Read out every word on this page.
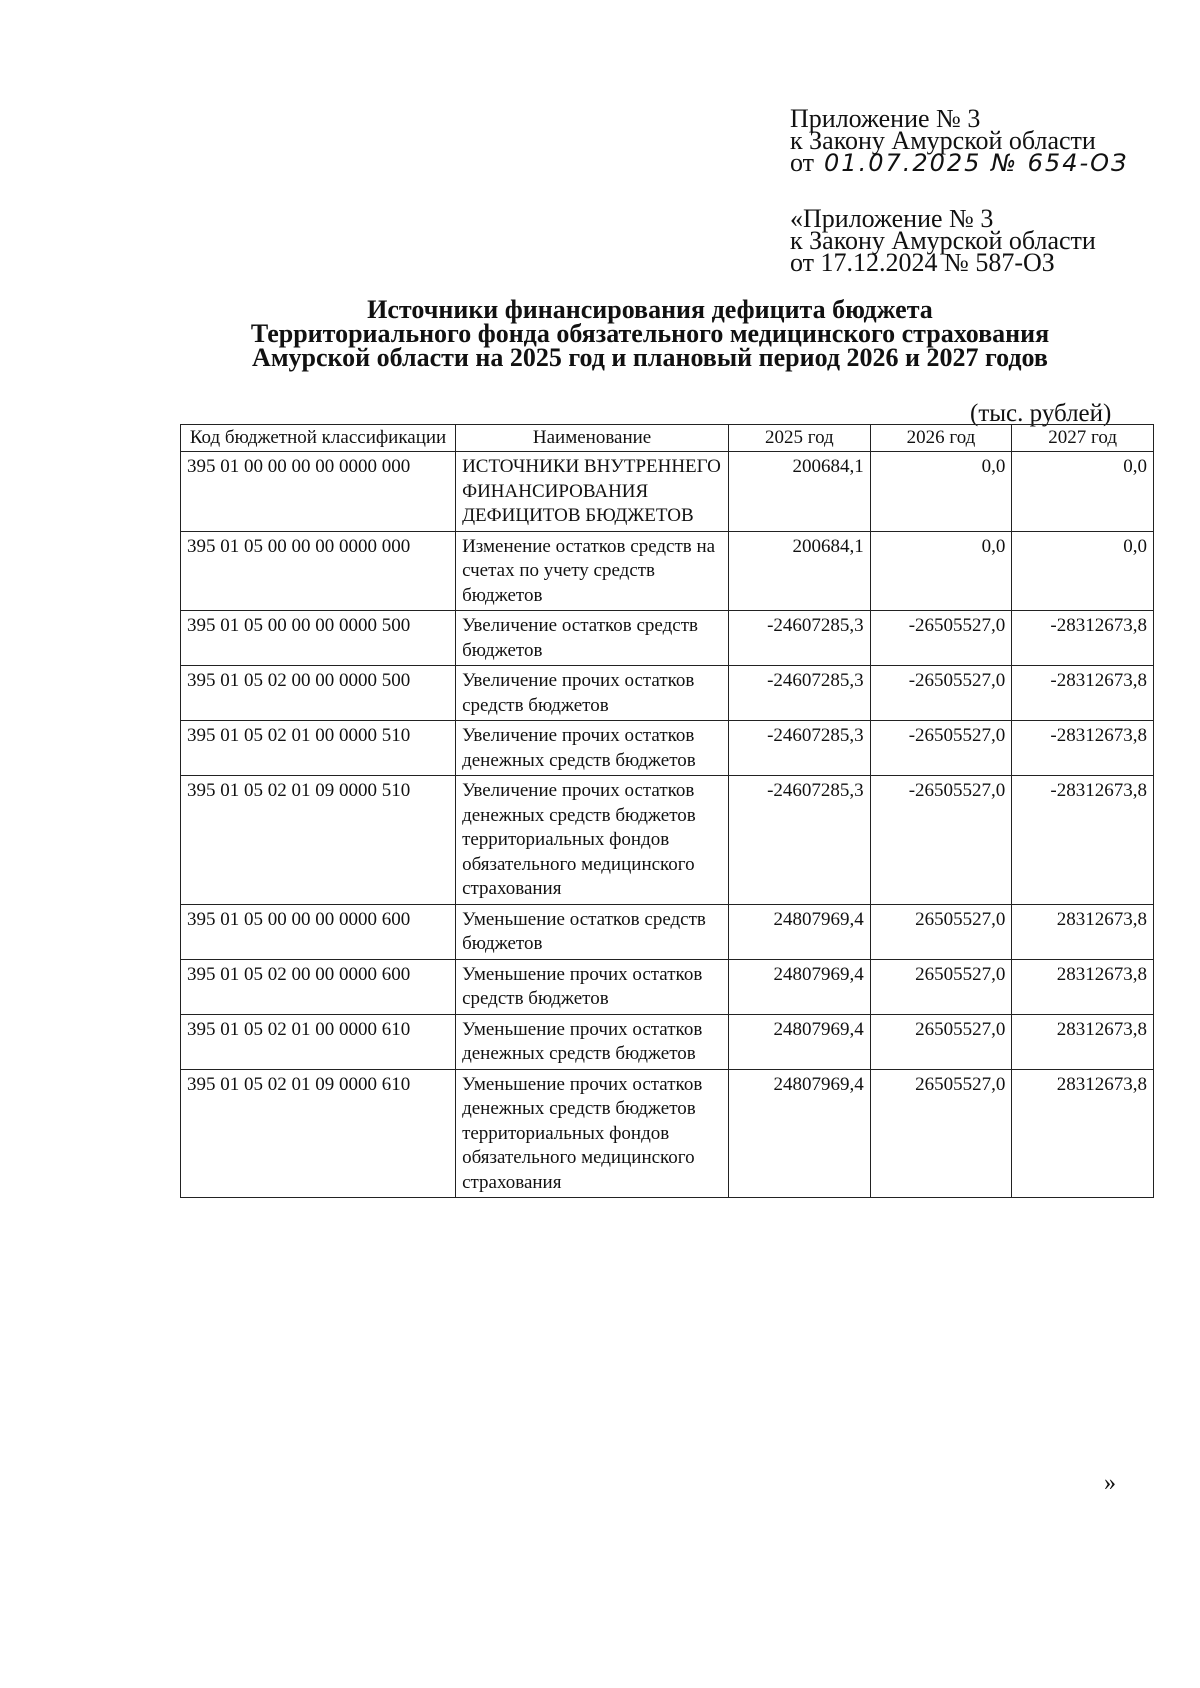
Приложение № 3
к Закону Амурской области
от 01.07.2025 № 654-ОЗ
«Приложение № 3
к Закону Амурской области
от 17.12.2024 № 587-ОЗ
Источники финансирования дефицита бюджета
Территориального фонда обязательного медицинского страхования
Амурской области на 2025 год и плановый период 2026 и 2027 годов
(тыс. рублей)
Код бюджетной классификации	Наименование	2025 год	2026 год	2027 год
395 01 00 00 00 00 0000 000	ИСТОЧНИКИ ВНУТРЕННЕГО ФИНАНСИРОВАНИЯ ДЕФИЦИТОВ БЮДЖЕТОВ	200684,1	0,0	0,0
395 01 05 00 00 00 0000 000	Изменение остатков средств на счетах по учету средств бюджетов	200684,1	0,0	0,0
395 01 05 00 00 00 0000 500	Увеличение остатков средств бюджетов	-24607285,3	-26505527,0	-28312673,8
395 01 05 02 00 00 0000 500	Увеличение прочих остатков средств бюджетов	-24607285,3	-26505527,0	-28312673,8
395 01 05 02 01 00 0000 510	Увеличение прочих остатков денежных средств бюджетов	-24607285,3	-26505527,0	-28312673,8
395 01 05 02 01 09 0000 510	Увеличение прочих остатков денежных средств бюджетов территориальных фондов обязательного медицинского страхования	-24607285,3	-26505527,0	-28312673,8
395 01 05 00 00 00 0000 600	Уменьшение остатков средств бюджетов	24807969,4	26505527,0	28312673,8
395 01 05 02 00 00 0000 600	Уменьшение прочих остатков средств бюджетов	24807969,4	26505527,0	28312673,8
395 01 05 02 01 00 0000 610	Уменьшение прочих остатков денежных средств бюджетов	24807969,4	26505527,0	28312673,8
395 01 05 02 01 09 0000 610	Уменьшение прочих остатков денежных средств бюджетов территориальных фондов обязательного медицинского страхования	24807969,4	26505527,0	28312673,8
»
